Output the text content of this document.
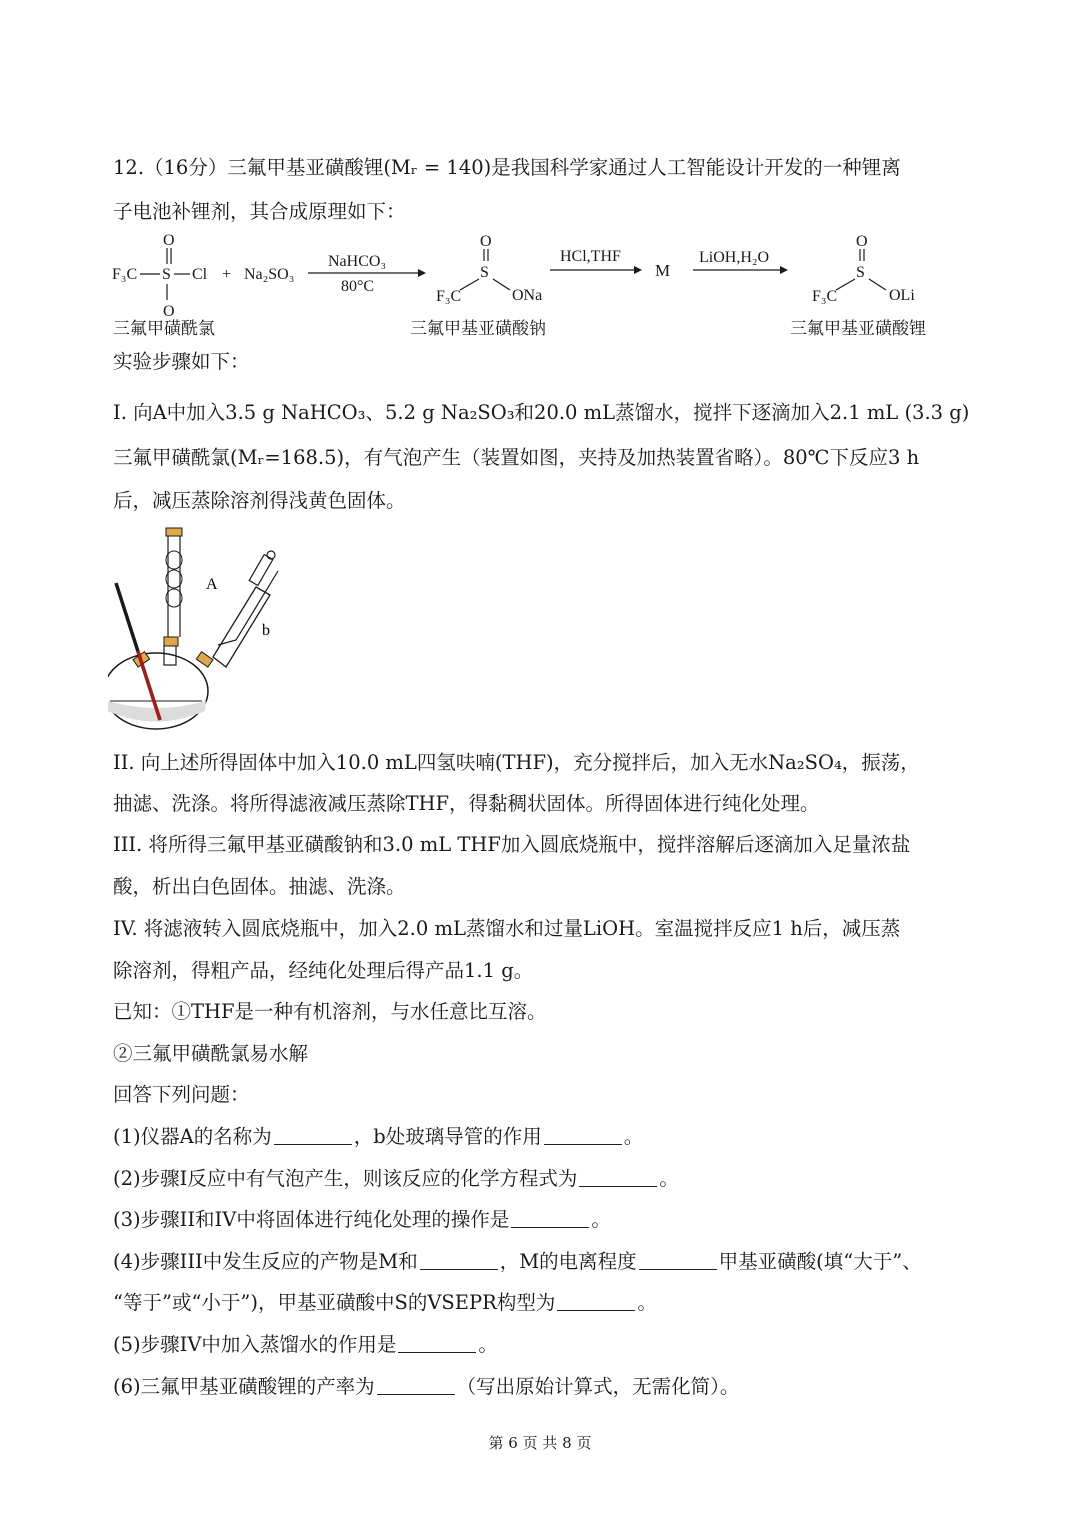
12.（16分）三氟甲基亚磺酸锂(Mᵣ = 140)是我国科学家通过人工智能设计开发的一种锂离
子电池补锂剂，其合成原理如下：
O
F₃C S Cl
O
三氟甲磺酰氯
+ Na₂SO₃
NaHCO₃
80°C
O
S
F₃C	ONa
三氟甲基亚磺酸钠
HCl,THF
M
LiOH,H₂O
O
S
F₃C	OLi
三氟甲基亚磺酸锂
实验步骤如下：
I. 向A中加入3.5 g NaHCO₃、5.2 g Na₂SO₃和20.0 mL蒸馏水，搅拌下逐滴加入2.1 mL (3.3 g)
三氟甲磺酰氯(Mᵣ=168.5)，有气泡产生（装置如图，夹持及加热装置省略）。80℃下反应3 h
后，减压蒸除溶剂得浅黄色固体。
A
b
II. 向上述所得固体中加入10.0 mL四氢呋喃(THF)，充分搅拌后，加入无水Na₂SO₄，振荡，
抽滤、洗涤。将所得滤液减压蒸除THF，得黏稠状固体。所得固体进行纯化处理。
III. 将所得三氟甲基亚磺酸钠和3.0 mL THF加入圆底烧瓶中，搅拌溶解后逐滴加入足量浓盐
酸，析出白色固体。抽滤、洗涤。
IV. 将滤液转入圆底烧瓶中，加入2.0 mL蒸馏水和过量LiOH。室温搅拌反应1 h后，减压蒸
除溶剂，得粗产品，经纯化处理后得产品1.1 g。
已知：①THF是一种有机溶剂，与水任意比互溶。
②三氟甲磺酰氯易水解
回答下列问题：
(1)仪器A的名称为	，b处玻璃导管的作用	。
(2)步骤I反应中有气泡产生，则该反应的化学方程式为	。
(3)步骤II和IV中将固体进行纯化处理的操作是	。
(4)步骤III中发生反应的产物是M和	，M的电离程度	甲基亚磺酸(填“大于”、
“等于”或“小于”)，甲基亚磺酸中S的VSEPR构型为	。
(5)步骤IV中加入蒸馏水的作用是	。
(6)三氟甲基亚磺酸锂的产率为	（写出原始计算式，无需化简）。
第 6 页 共 8 页
